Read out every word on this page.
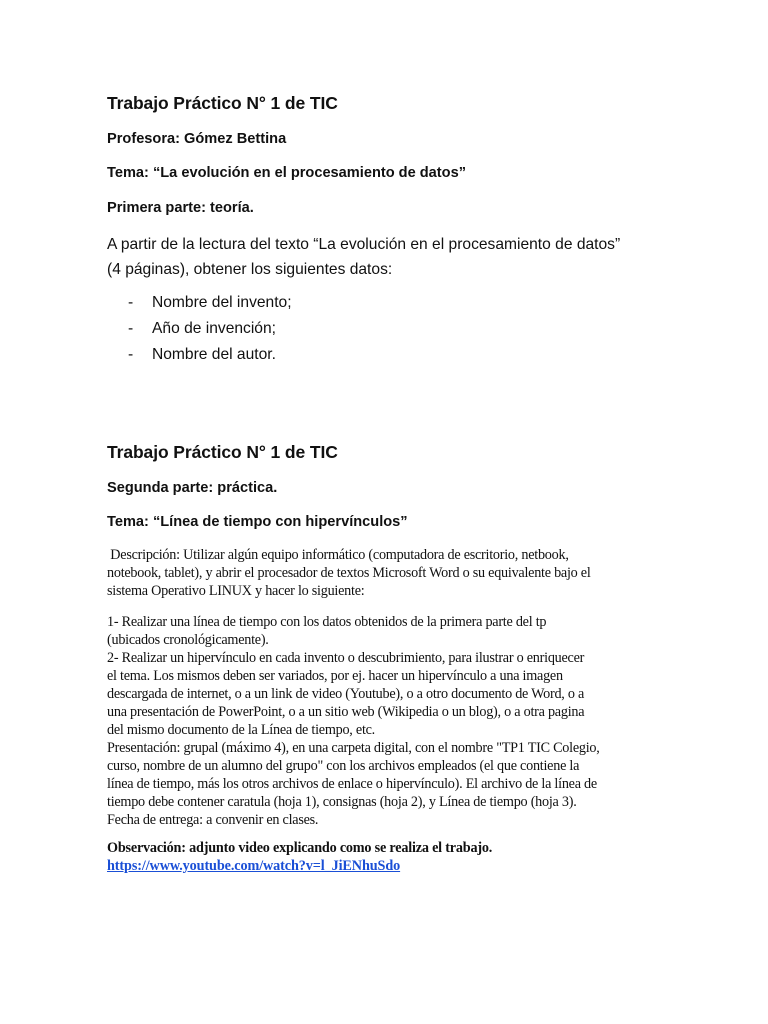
Trabajo Práctico N° 1 de TIC
Profesora: Gómez Bettina
Tema: “La evolución en el procesamiento de datos”
Primera parte: teoría.
A partir de la lectura del texto “La evolución en el procesamiento de datos”
(4 páginas), obtener los siguientes datos:
- Nombre del invento;
- Año de invención;
- Nombre del autor.
Trabajo Práctico N° 1 de TIC
Segunda parte: práctica.
Tema: “Línea de tiempo con hipervínculos”
Descripción: Utilizar algún equipo informático (computadora de escritorio, netbook,
notebook, tablet), y abrir el procesador de textos Microsoft Word o su equivalente bajo el
sistema Operativo LINUX y hacer lo siguiente:
1- Realizar una línea de tiempo con los datos obtenidos de la primera parte del tp
(ubicados cronológicamente).
2- Realizar un hipervínculo en cada invento o descubrimiento, para ilustrar o enriquecer
el tema. Los mismos deben ser variados, por ej. hacer un hipervínculo a una imagen
descargada de internet, o a un link de video (Youtube), o a otro documento de Word, o a
una presentación de PowerPoint, o a un sitio web (Wikipedia o un blog), o a otra pagina
del mismo documento de la Línea de tiempo, etc.
Presentación: grupal (máximo 4), en una carpeta digital, con el nombre "TP1 TIC Colegio,
curso, nombre de un alumno del grupo" con los archivos empleados (el que contiene la
línea de tiempo, más los otros archivos de enlace o hipervínculo). El archivo de la línea de
tiempo debe contener caratula (hoja 1), consignas (hoja 2), y Línea de tiempo (hoja 3).
Fecha de entrega: a convenir en clases.
Observación: adjunto video explicando como se realiza el trabajo.
https://www.youtube.com/watch?v=l_JiENhuSdo
